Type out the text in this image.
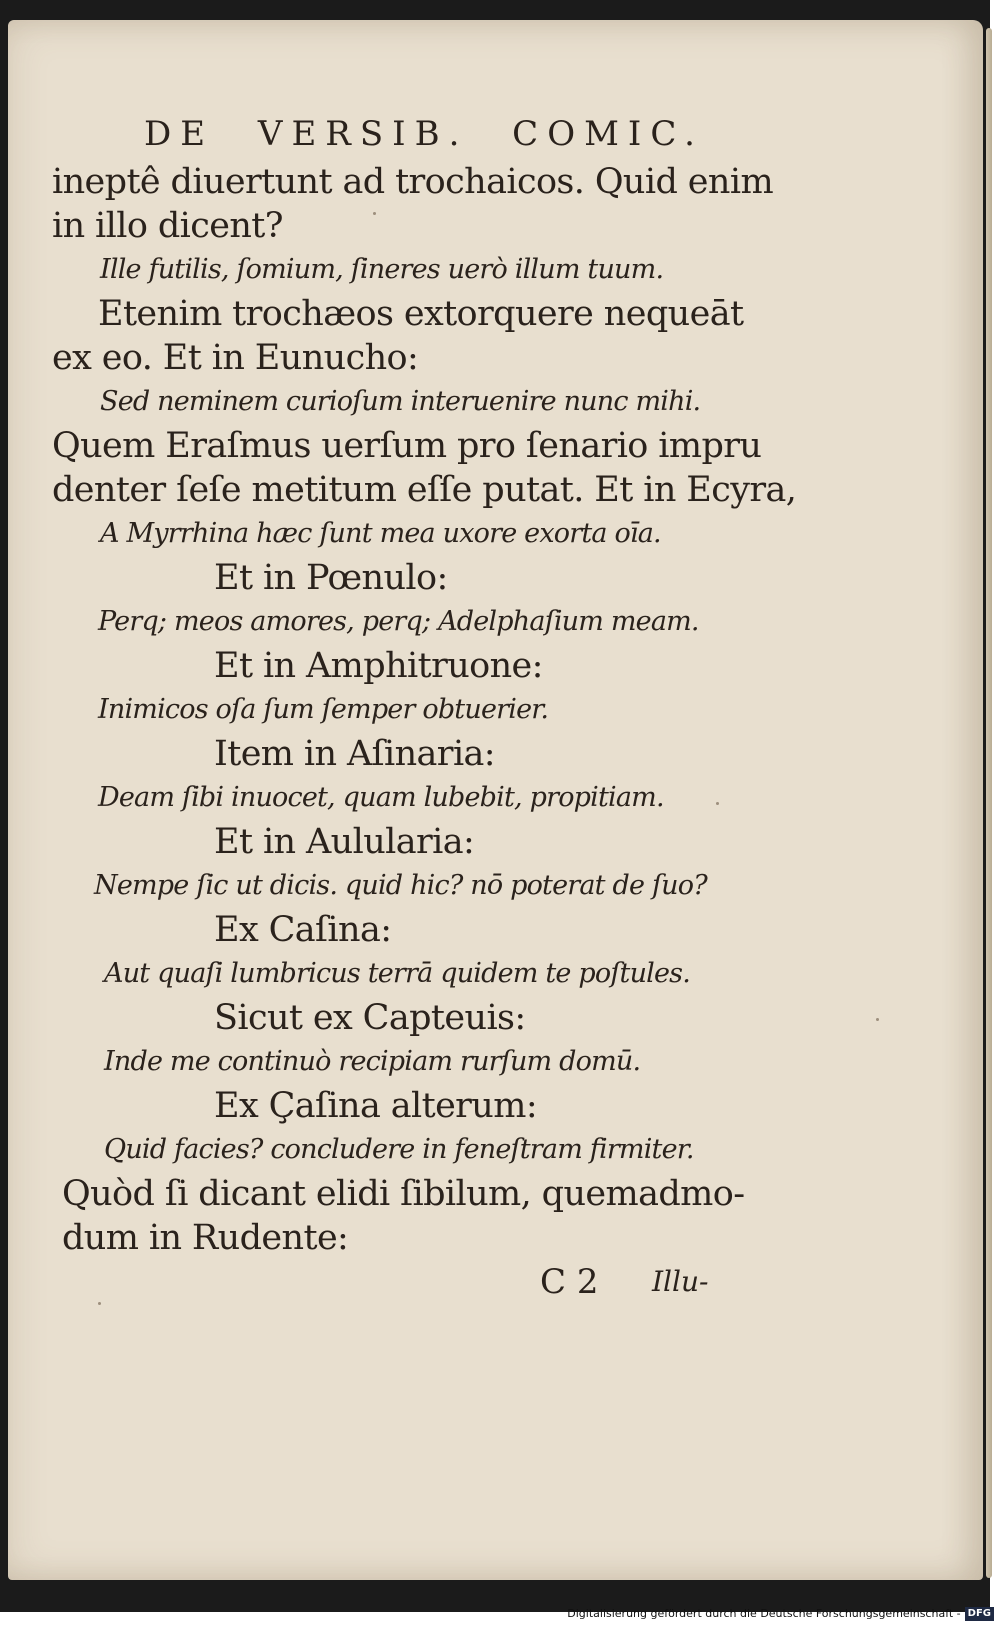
DE VERSIB. COMIC.
ineptê diuertunt ad trochaicos. Quid enim
in illo dicent?
Ille futilis, ſomium, ſineres uerò illum tuum.
Etenim trochæos extorquere nequeāt
ex eo. Et in Eunucho:
Sed neminem curioſum interuenire nunc mihi.
Quem Eraſmus uerſum pro ſenario impru
denter ſeſe metitum eſſe putat. Et in Ecyra,
A Myrrhina hæc ſunt mea uxore exorta oīa.
Et in Pœnulo:
Perq; meos amores, perq; Adelphaſium meam.
Et in Amphitruone:
Inimicos oſa ſum ſemper obtuerier.
Item in Aſinaria:
Deam ſibi inuocet, quam lubebit, propitiam.
Et in Aulularia:
Nempe ſic ut dicis. quid hic? nō poterat de ſuo?
Ex Caſina:
Aut quaſi lumbricus terrā quidem te poſtules.
Sicut ex Capteuis:
Inde me continuò recipiam rurſum domū.
Ex Çaſina alterum:
Quid facies? concludere in feneſtram firmiter.
Quòd ſi dicant elidi ſibilum, quemadmo-
dum in Rudente:
C 2 Illu-
Digitalisierung gefördert durch die Deutsche Forschungsgemeinschaft - DFG
